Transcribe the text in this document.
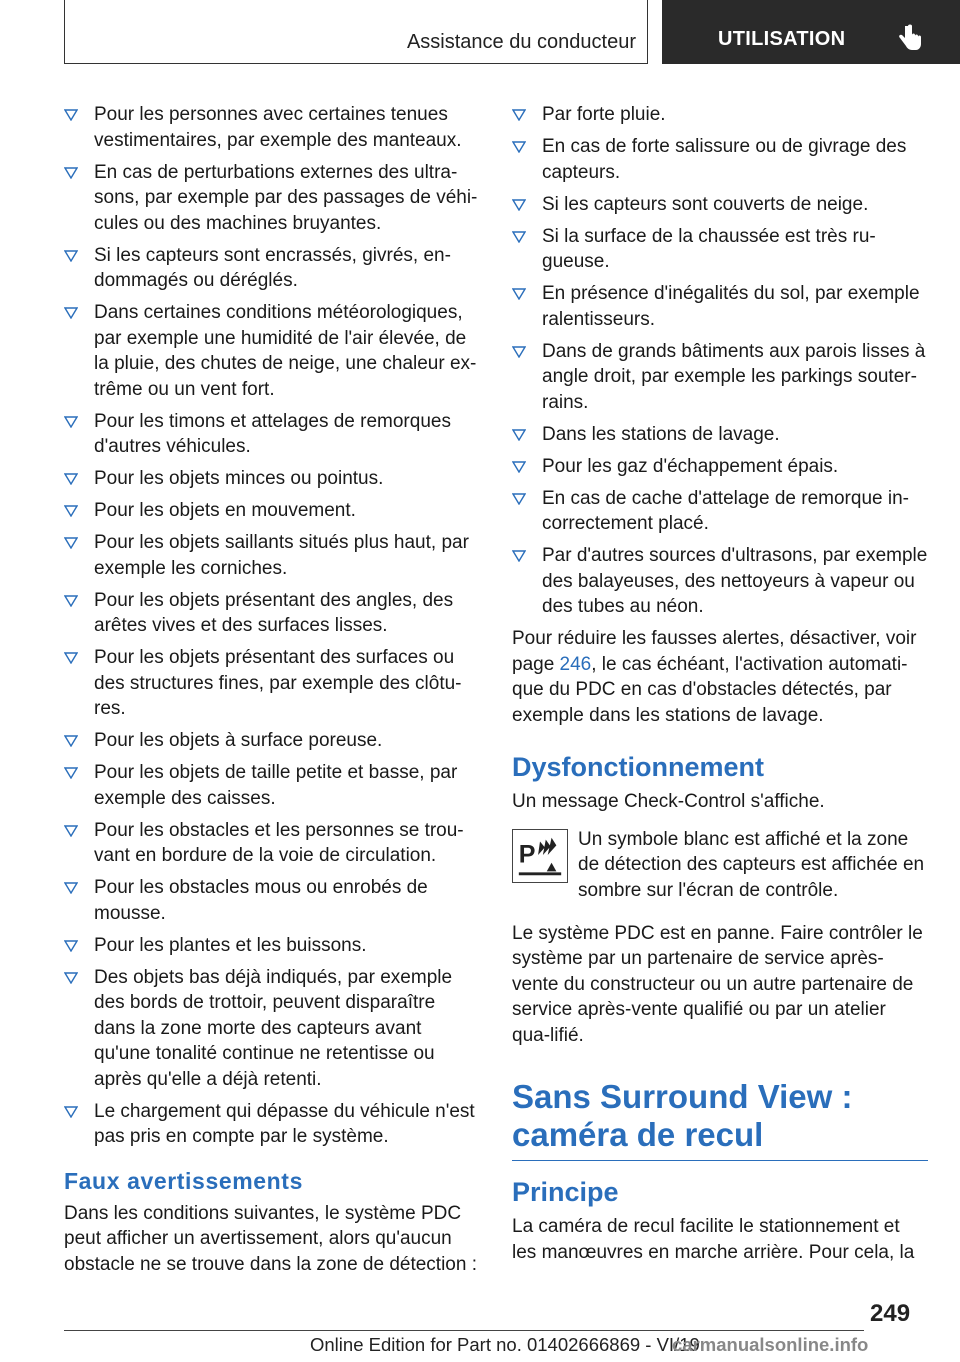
Assistance du conducteur	UTILISATION
Pour les personnes avec certaines tenues vestimentaires, par exemple des manteaux.
En cas de perturbations externes des ultra-sons, par exemple par des passages de véhi-cules ou des machines bruyantes.
Si les capteurs sont encrassés, givrés, en-dommagés ou déréglés.
Dans certaines conditions météorologiques, par exemple une humidité de l'air élevée, de la pluie, des chutes de neige, une chaleur ex-trême ou un vent fort.
Pour les timons et attelages de remorques d'autres véhicules.
Pour les objets minces ou pointus.
Pour les objets en mouvement.
Pour les objets saillants situés plus haut, par exemple les corniches.
Pour les objets présentant des angles, des arêtes vives et des surfaces lisses.
Pour les objets présentant des surfaces ou des structures fines, par exemple des clôtu-res.
Pour les objets à surface poreuse.
Pour les objets de taille petite et basse, par exemple des caisses.
Pour les obstacles et les personnes se trou-vant en bordure de la voie de circulation.
Pour les obstacles mous ou enrobés de mousse.
Pour les plantes et les buissons.
Des objets bas déjà indiqués, par exemple des bords de trottoir, peuvent disparaître dans la zone morte des capteurs avant qu'une tonalité continue ne retentisse ou après qu'elle a déjà retenti.
Le chargement qui dépasse du véhicule n'est pas pris en compte par le système.
Faux avertissements

Dans les conditions suivantes, le système PDC peut afficher un avertissement, alors qu'aucun obstacle ne se trouve dans la zone de détection :

Par forte pluie.
En cas de forte salissure ou de givrage des capteurs.
Si les capteurs sont couverts de neige.
Si la surface de la chaussée est très ru-gueuse.
En présence d'inégalités du sol, par exemple ralentisseurs.
Dans de grands bâtiments aux parois lisses à angle droit, par exemple les parkings souter-rains.
Dans les stations de lavage.
Pour les gaz d'échappement épais.
En cas de cache d'attelage de remorque in-correctement placé.
Par d'autres sources d'ultrasons, par exemple des balayeuses, des nettoyeurs à vapeur ou des tubes au néon.

Pour réduire les fausses alertes, désactiver, voir page 246, le cas échéant, l'activation automati-que du PDC en cas d'obstacles détectés, par exemple dans les stations de lavage.

Dysfonctionnement

Un message Check-Control s'affiche.

P
Un symbole blanc est affiché et la zone de détection des capteurs est affichée en sombre sur l'écran de contrôle.

Le système PDC est en panne. Faire contrôler le système par un partenaire de service après-vente du constructeur ou un autre partenaire de service après-vente qualifié ou par un atelier qua-lifié.

Sans Surround View : caméra de recul
Principe

La caméra de recul facilite le stationnement et les manœuvres en marche arrière. Pour cela, la

249
Online Edition for Part no. 01402666869 - VI/19
carmanualsonline.info
